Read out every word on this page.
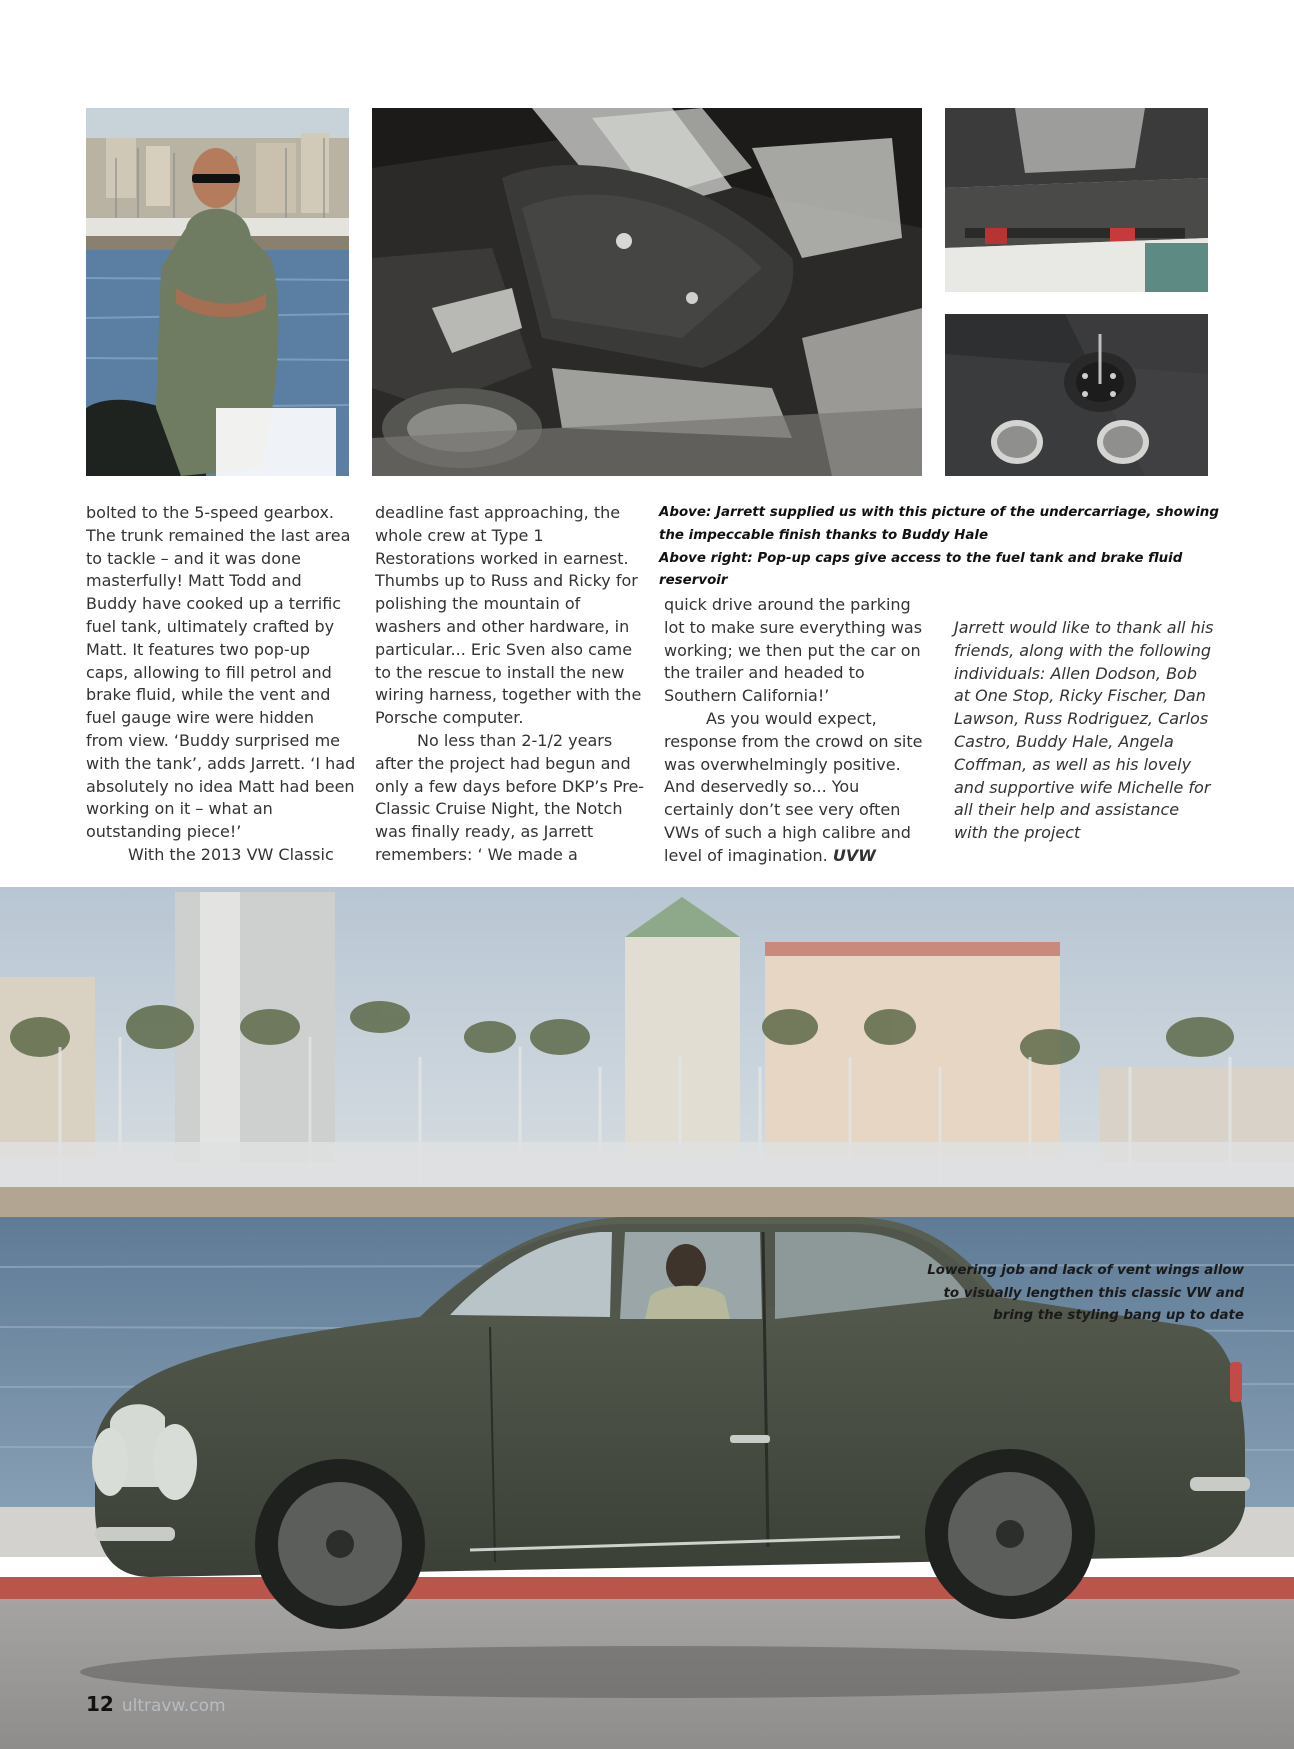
bolted to the 5-speed gearbox. The trunk remained the last area to tackle – and it was done masterfully! Matt Todd and Buddy have cooked up a terrific fuel tank, ultimately crafted by Matt. It features two pop-up caps, allowing to fill petrol and brake fluid, while the vent and fuel gauge wire were hidden from view. ‘Buddy surprised me with the tank’, adds Jarrett. ‘I had absolutely no idea Matt had been working on it – what an outstanding piece!’

With the 2013 VW Classic

deadline fast approaching, the whole crew at Type 1 Restorations worked in earnest. Thumbs up to Russ and Ricky for polishing the mountain of washers and other hardware, in particular... Eric Sven also came to the rescue to install the new wiring harness, together with the Porsche computer.

No less than 2-1/2 years after the project had begun and only a few days before DKP’s Pre-Classic Cruise Night, the Notch was finally ready, as Jarrett remembers: ‘ We made a

Above: Jarrett supplied us with this picture of the undercarriage, showing the impeccable finish thanks to Buddy Hale

Above right: Pop-up caps give access to the fuel tank and brake fluid reservoir

quick drive around the parking lot to make sure everything was working; we then put the car on the trailer and headed to Southern California!’

As you would expect, response from the crowd on site was overwhelmingly positive. And deservedly so... You certainly don’t see very often VWs of such a high calibre and level of imagination. UVW

Jarrett would like to thank all his friends, along with the following individuals: Allen Dodson, Bob at One Stop, Ricky Fischer, Dan Lawson, Russ Rodriguez, Carlos Castro, Buddy Hale, Angela Coffman, as well as his lovely and supportive wife Michelle for all their help and assistance with the project

Lowering job and lack of vent wings allow to visually lengthen this classic VW and bring the styling bang up to date
12 ultravw.com
